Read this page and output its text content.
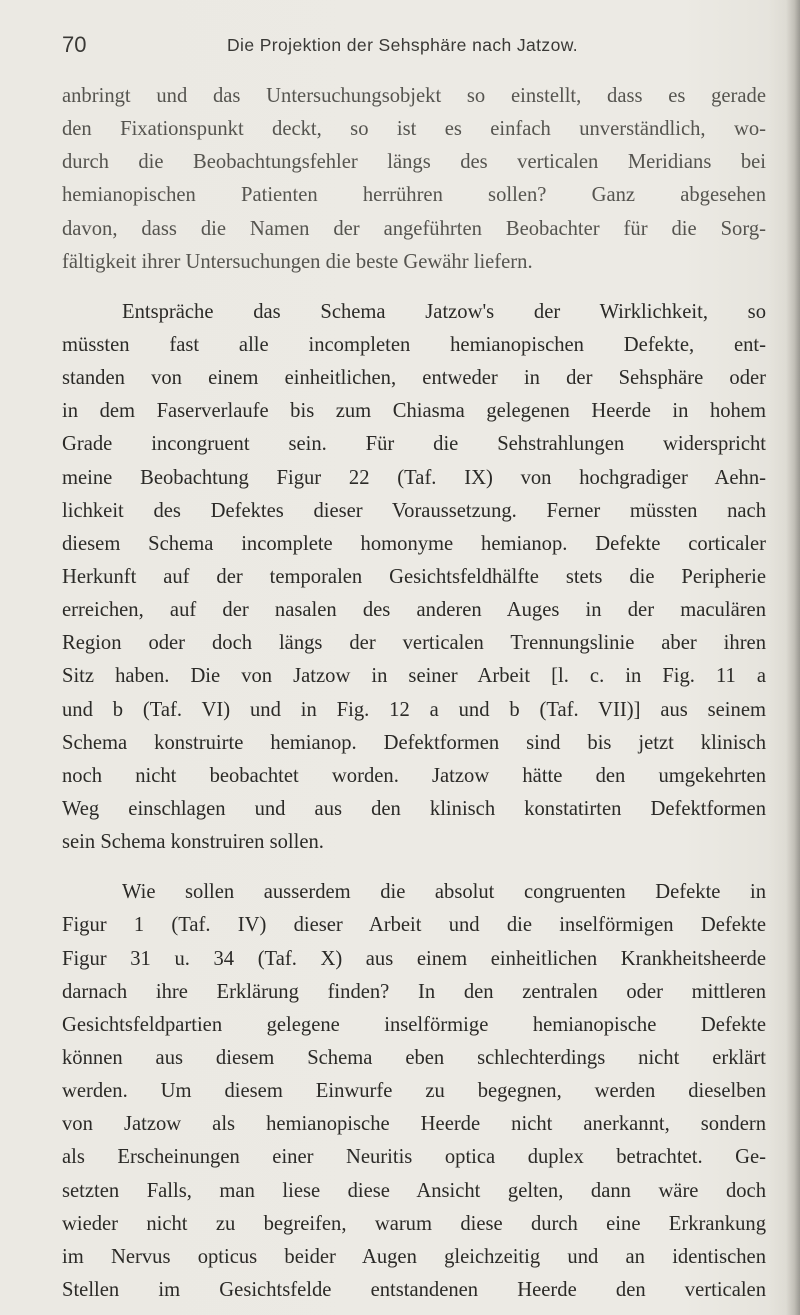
70	Die Projektion der Sehsphäre nach Jatzow.
anbringt und das Untersuchungsobjekt so einstellt, dass es gerade
den Fixationspunkt deckt, so ist es einfach unverständlich, wo-
durch die Beobachtungsfehler längs des verticalen Meridians bei
hemianopischen Patienten herrühren sollen? Ganz abgesehen
davon, dass die Namen der angeführten Beobachter für die Sorg-
fältigkeit ihrer Untersuchungen die beste Gewähr liefern.
Entspräche das Schema Jatzow's der Wirklichkeit, so
müssten fast alle incompleten hemianopischen Defekte, ent-
standen von einem einheitlichen, entweder in der Sehsphäre oder
in dem Faserverlaufe bis zum Chiasma gelegenen Heerde in hohem
Grade incongruent sein. Für die Sehstrahlungen widerspricht
meine Beobachtung Figur 22 (Taf. IX) von hochgradiger Aehn-
lichkeit des Defektes dieser Voraussetzung. Ferner müssten nach
diesem Schema incomplete homonyme hemianop. Defekte corticaler
Herkunft auf der temporalen Gesichtsfeldhälfte stets die Peripherie
erreichen, auf der nasalen des anderen Auges in der maculären
Region oder doch längs der verticalen Trennungslinie aber ihren
Sitz haben. Die von Jatzow in seiner Arbeit [l. c. in Fig. 11 a
und b (Taf. VI) und in Fig. 12 a und b (Taf. VII)] aus seinem
Schema konstruirte hemianop. Defektformen sind bis jetzt klinisch
noch nicht beobachtet worden. Jatzow hätte den umgekehrten
Weg einschlagen und aus den klinisch konstatirten Defektformen
sein Schema konstruiren sollen.
Wie sollen ausserdem die absolut congruenten Defekte in
Figur 1 (Taf. IV) dieser Arbeit und die inselförmigen Defekte
Figur 31 u. 34 (Taf. X) aus einem einheitlichen Krankheitsheerde
darnach ihre Erklärung finden? In den zentralen oder mittleren
Gesichtsfeldpartien gelegene inselförmige hemianopische Defekte
können aus diesem Schema eben schlechterdings nicht erklärt
werden. Um diesem Einwurfe zu begegnen, werden dieselben
von Jatzow als hemianopische Heerde nicht anerkannt, sondern
als Erscheinungen einer Neuritis optica duplex betrachtet. Ge-
setzten Falls, man liese diese Ansicht gelten, dann wäre doch
wieder nicht zu begreifen, warum diese durch eine Erkrankung
im Nervus opticus beider Augen gleichzeitig und an identischen
Stellen im Gesichtsfelde entstandenen Heerde den verticalen
